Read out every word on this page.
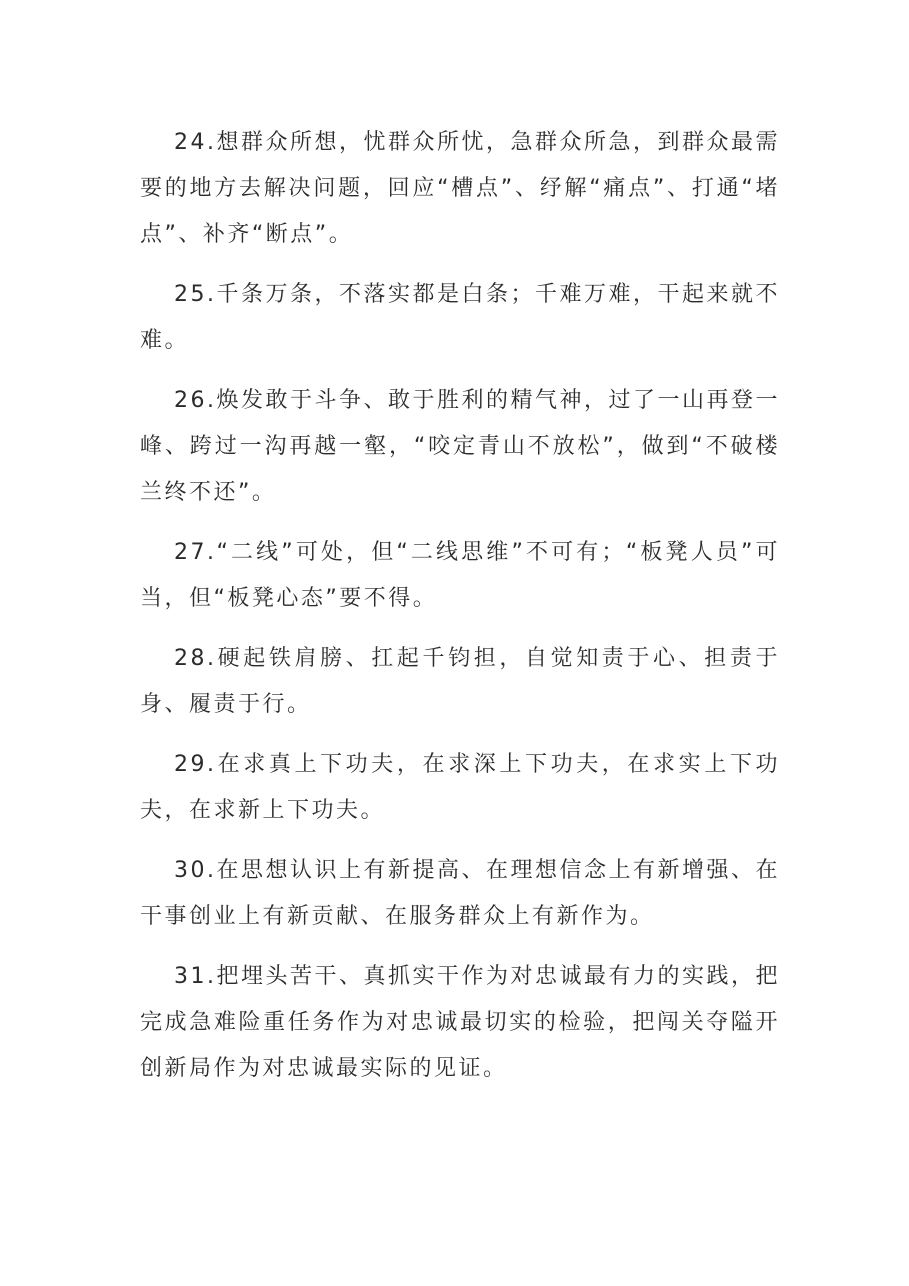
24.想群众所想，忧群众所忧，急群众所急，到群众最需要的地方去解决问题，回应“槽点”、纾解“痛点”、打通“堵点”、补齐“断点”。

25.千条万条，不落实都是白条；千难万难，干起来就不难。

26.焕发敢于斗争、敢于胜利的精气神，过了一山再登一峰、跨过一沟再越一壑，“咬定青山不放松”，做到“不破楼兰终不还”。

27.“二线”可处，但“二线思维”不可有；“板凳人员”可当，但“板凳心态”要不得。

28.硬起铁肩膀、扛起千钧担，自觉知责于心、担责于身、履责于行。

29.在求真上下功夫，在求深上下功夫，在求实上下功夫，在求新上下功夫。

30.在思想认识上有新提高、在理想信念上有新增强、在干事创业上有新贡献、在服务群众上有新作为。

31.把埋头苦干、真抓实干作为对忠诚最有力的实践，把完成急难险重任务作为对忠诚最切实的检验，把闯关夺隘开创新局作为对忠诚最实际的见证。
